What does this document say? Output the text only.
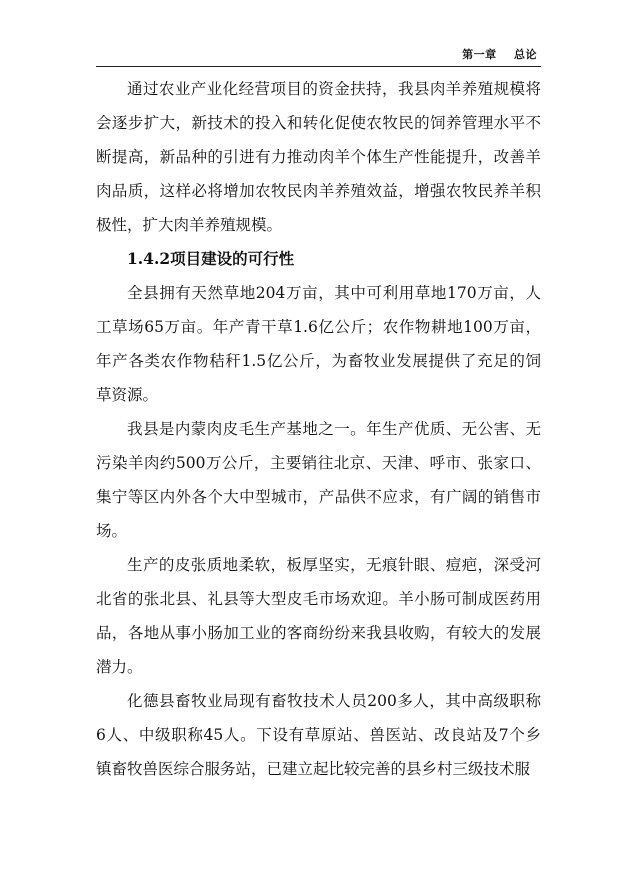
第一章 总论
通过农业产业化经营项目的资金扶持，我县肉羊养殖规模将
会逐步扩大，新技术的投入和转化促使农牧民的饲养管理水平不
断提高，新品种的引进有力推动肉羊个体生产性能提升，改善羊
肉品质，这样必将增加农牧民肉羊养殖效益，增强农牧民养羊积
极性，扩大肉羊养殖规模。
1.4.2项目建设的可行性
全县拥有天然草地204万亩，其中可利用草地170万亩，人
工草场65万亩。年产青干草1.6亿公斤；农作物耕地100万亩，
年产各类农作物秸秆1.5亿公斤，为畜牧业发展提供了充足的饲
草资源。
我县是内蒙肉皮毛生产基地之一。年生产优质、无公害、无
污染羊肉约500万公斤，主要销往北京、天津、呼市、张家口、
集宁等区内外各个大中型城市，产品供不应求，有广阔的销售市
场。
生产的皮张质地柔软，板厚坚实，无痕针眼、痘疤，深受河
北省的张北县、礼县等大型皮毛市场欢迎。羊小肠可制成医药用
品，各地从事小肠加工业的客商纷纷来我县收购，有较大的发展
潜力。
化德县畜牧业局现有畜牧技术人员200多人，其中高级职称
6人、中级职称45人。下设有草原站、兽医站、改良站及7个乡
镇畜牧兽医综合服务站，已建立起比较完善的县乡村三级技术服
